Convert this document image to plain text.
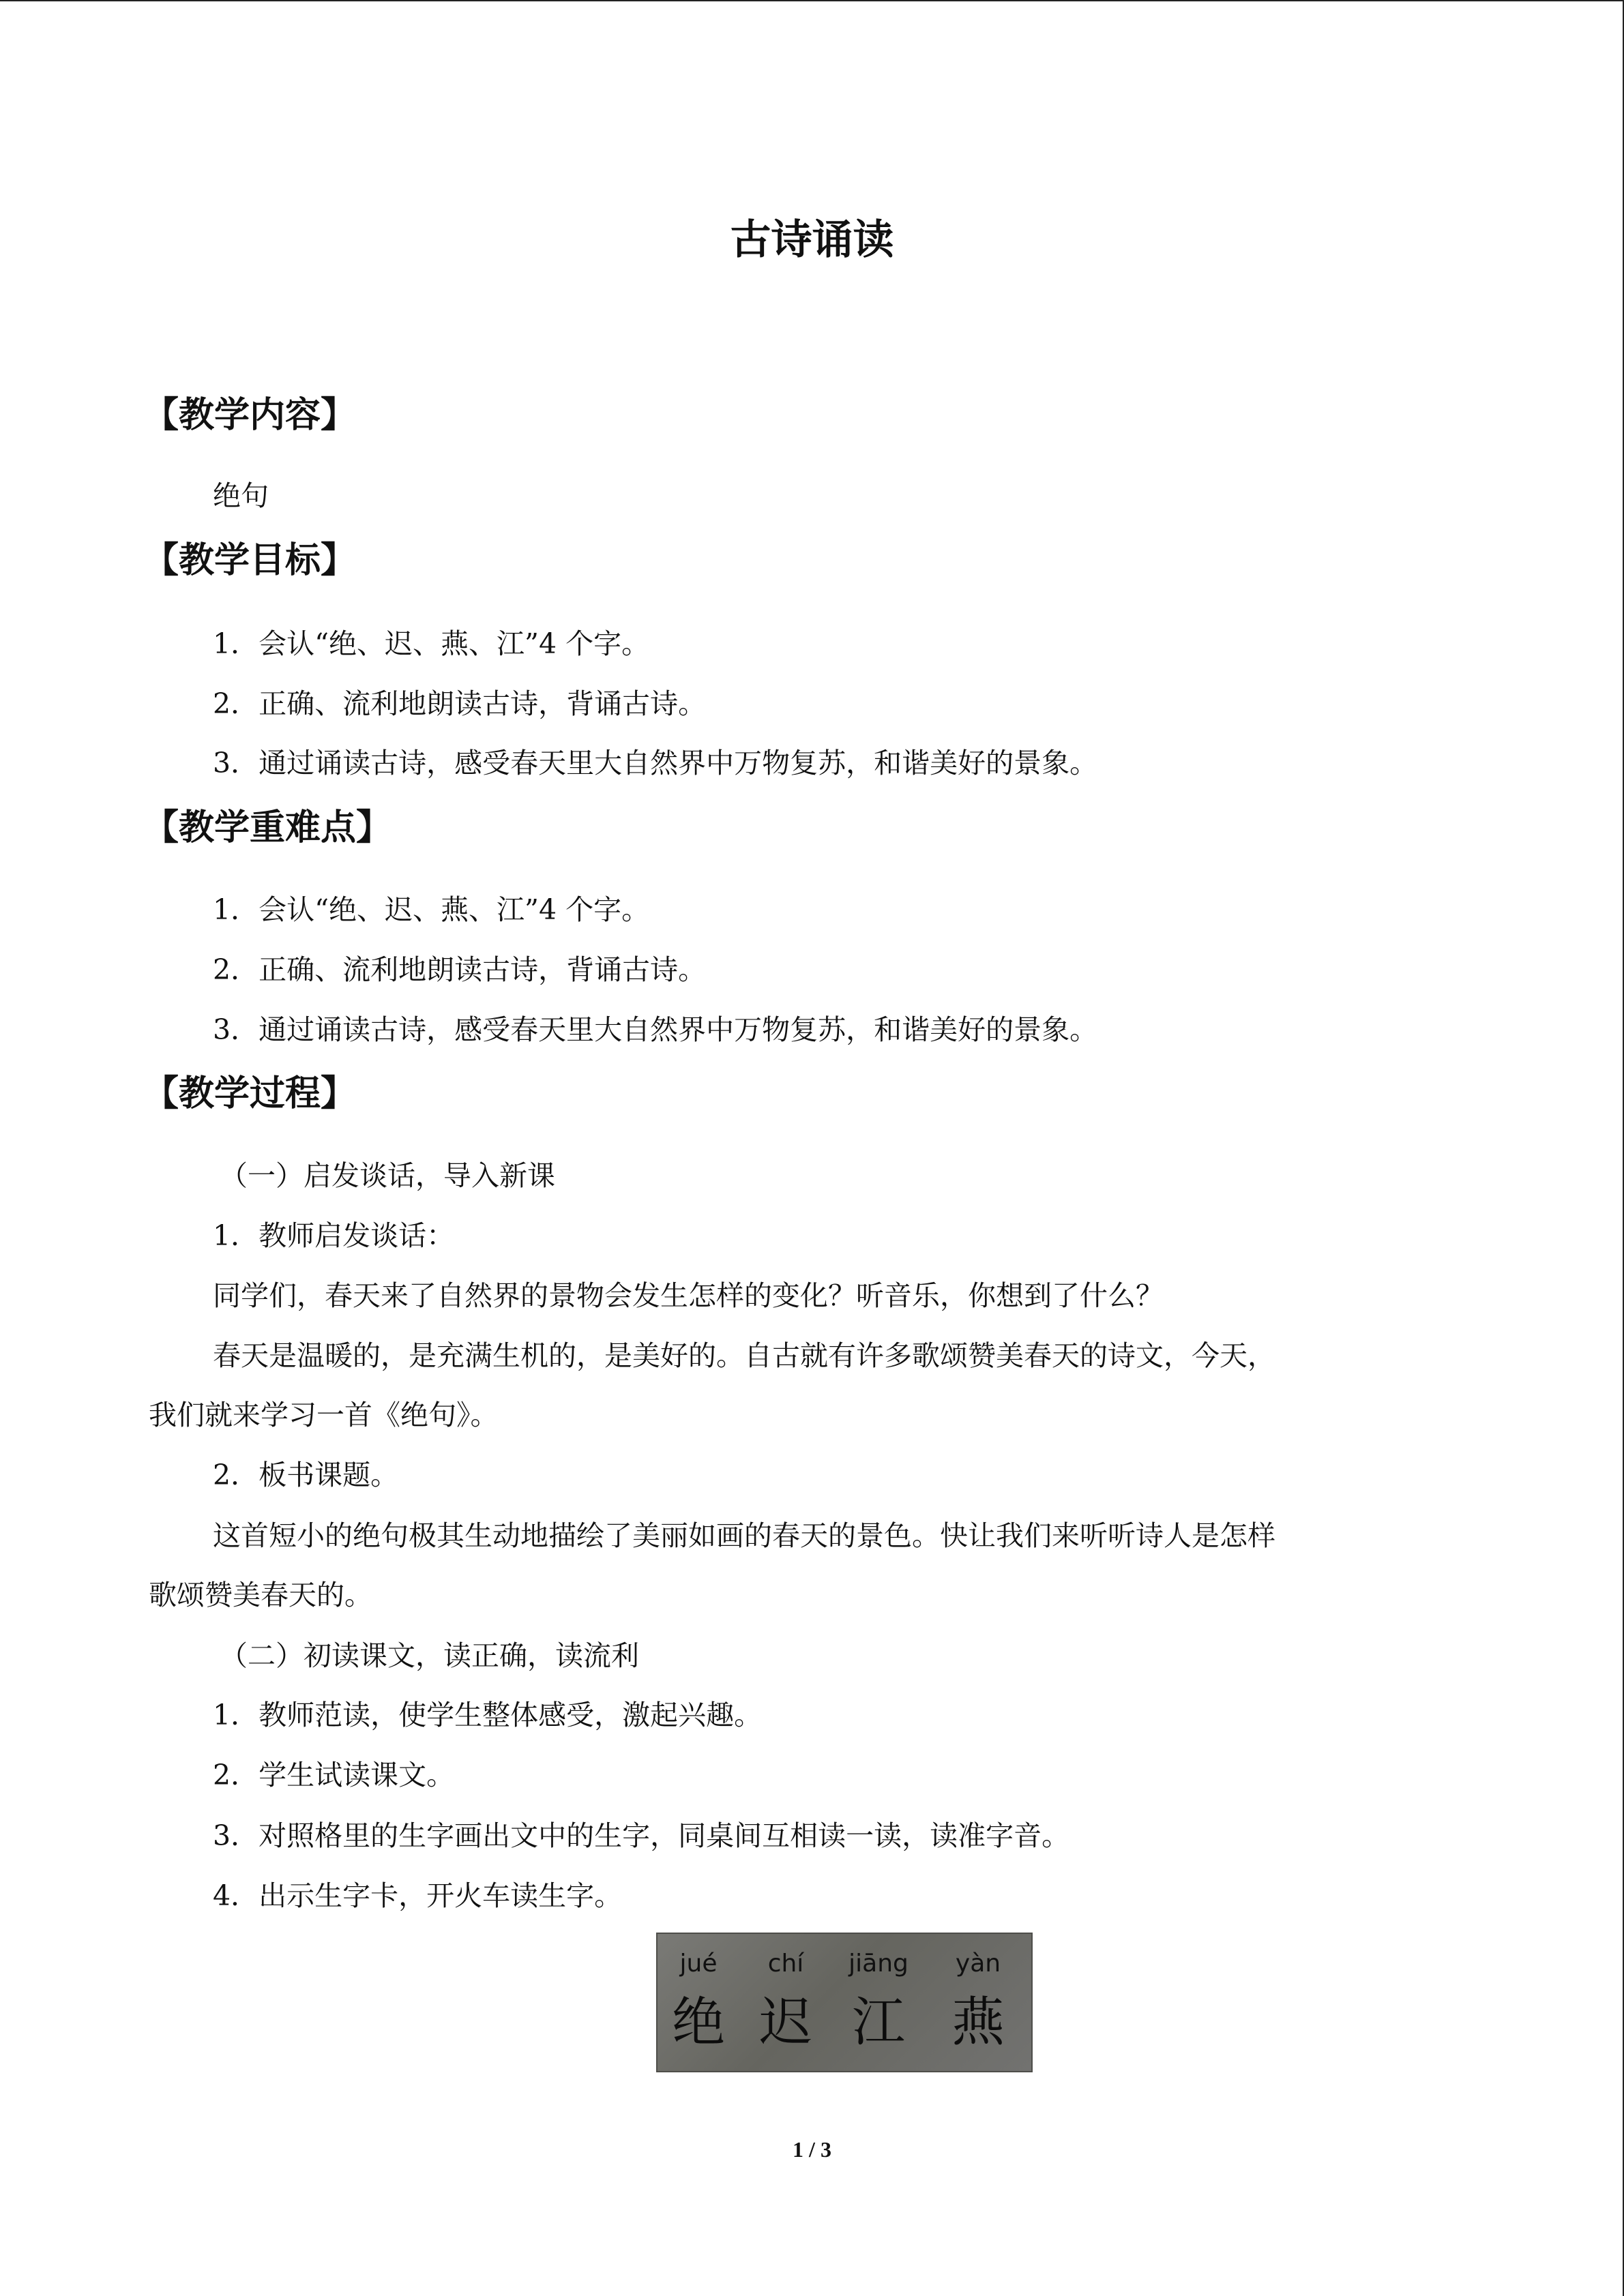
古诗诵读
【教学内容】
绝句
【教学目标】
1．会认“绝、迟、燕、江”4 个字。
2．正确、流利地朗读古诗，背诵古诗。
3．通过诵读古诗，感受春天里大自然界中万物复苏，和谐美好的景象。
【教学重难点】
1．会认“绝、迟、燕、江”4 个字。
2．正确、流利地朗读古诗，背诵古诗。
3．通过诵读古诗，感受春天里大自然界中万物复苏，和谐美好的景象。
【教学过程】
（一）启发谈话，导入新课
1．教师启发谈话：
同学们，春天来了自然界的景物会发生怎样的变化？听音乐，你想到了什么？
春天是温暖的，是充满生机的，是美好的。自古就有许多歌颂赞美春天的诗文，今天，
我们就来学习一首《绝句》。
2．板书课题。
这首短小的绝句极其生动地描绘了美丽如画的春天的景色。快让我们来听听诗人是怎样
歌颂赞美春天的。
（二）初读课文，读正确，读流利
1．教师范读，使学生整体感受，激起兴趣。
2．学生试读课文。
3．对照格里的生字画出文中的生字，同桌间互相读一读，读准字音。
4．出示生字卡，开火车读生字。
jué	chí	jiāng	yàn
绝 迟 江 燕
1 / 3
